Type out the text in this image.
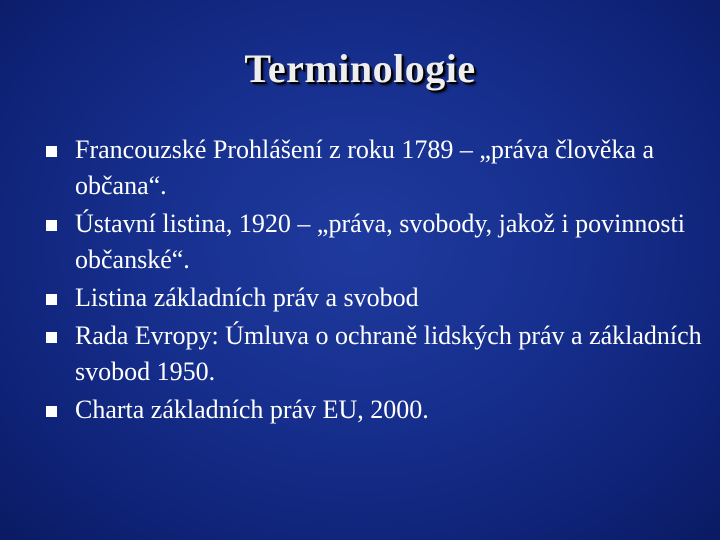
Terminologie
Francouzské Prohlášení z roku 1789 – „práva člověka a občana“.
Ústavní listina, 1920 – „práva, svobody, jakož i povinnosti občanské“.
Listina základních práv a svobod
Rada Evropy: Úmluva o ochraně lidských práv a základních svobod 1950.
Charta základních práv EU, 2000.
